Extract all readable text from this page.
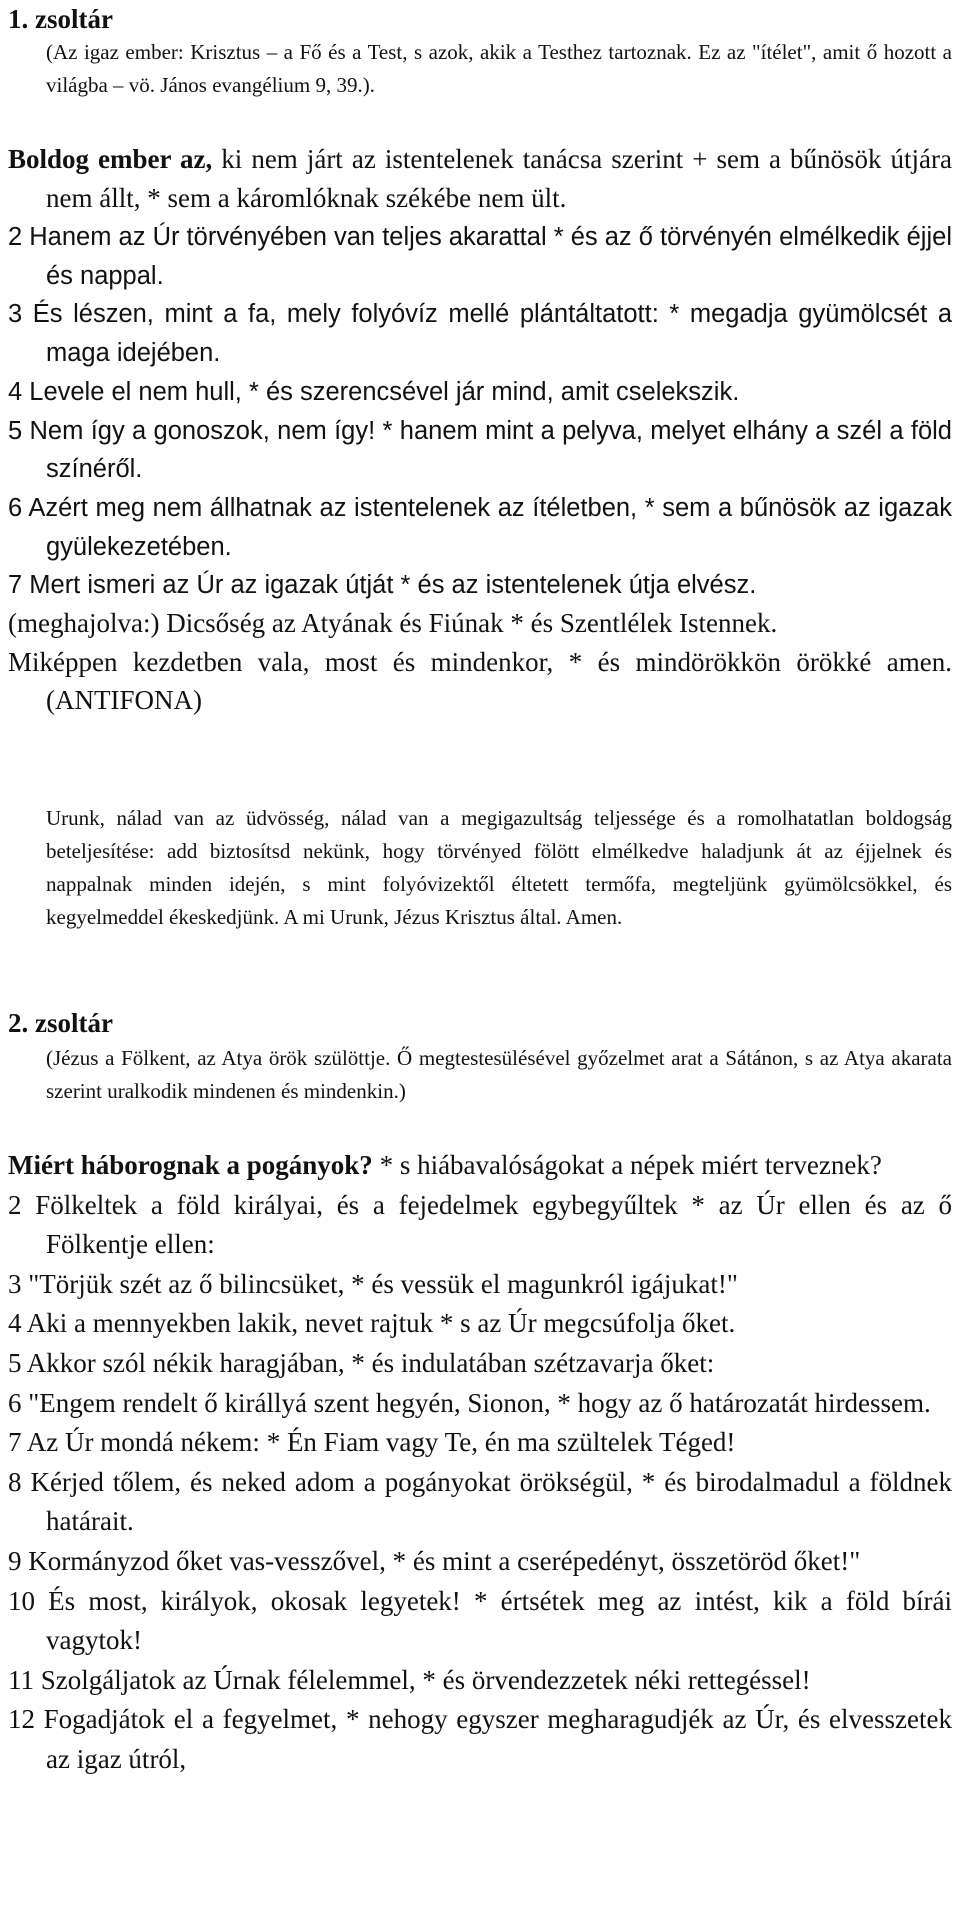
1. zsoltár
(Az igaz ember: Krisztus – a Fő és a Test, s azok, akik a Testhez tartoznak. Ez az "ítélet", amit ő hozott a világba – vö. János evangélium 9, 39.).

Boldog ember az, ki nem járt az istentelenek tanácsa szerint + sem a bűnösök útjára nem állt, * sem a káromlóknak székébe nem ült.

2 Hanem az Úr törvényében van teljes akarattal * és az ő törvényén elmélkedik éjjel és nappal.

3 És lészen, mint a fa, mely folyóvíz mellé plántáltatott: * megadja gyümölcsét a maga idejében.

4 Levele el nem hull, * és szerencsével jár mind, amit cselekszik.

5 Nem így a gonoszok, nem így! * hanem mint a pelyva, melyet elhány a szél a föld színéről.

6 Azért meg nem állhatnak az istentelenek az ítéletben, * sem a bűnösök az igazak gyülekezetében.

7 Mert ismeri az Úr az igazak útját * és az istentelenek útja elvész.

(meghajolva:) Dicsőség az Atyának és Fiúnak * és Szentlélek Istennek.

Miképpen kezdetben vala, most és mindenkor, * és mindörökkön örökké amen. (ANTIFONA)

Urunk, nálad van az üdvösség, nálad van a megigazultság teljessége és a romolhatatlan boldogság beteljesítése: add biztosítsd nekünk, hogy törvényed fölött elmélkedve haladjunk át az éjjelnek és nappalnak minden idején, s mint folyóvizektől éltetett termőfa, megteljünk gyümölcsökkel, és kegyelmeddel ékeskedjünk. A mi Urunk, Jézus Krisztus által. Amen.
2. zsoltár
(Jézus a Fölkent, az Atya örök szülöttje. Ő megtestesülésével győzelmet arat a Sátánon, s az Atya akarata szerint uralkodik mindenen és mindenkin.)

Miért háborognak a pogányok? * s hiábavalóságokat a népek miért terveznek?

2 Fölkeltek a föld királyai, és a fejedelmek egybegyűltek * az Úr ellen és az ő Fölkentje ellen:

3 "Törjük szét az ő bilincsüket, * és vessük el magunkról igájukat!"

4 Aki a mennyekben lakik, nevet rajtuk * s az Úr megcsúfolja őket.

5 Akkor szól nékik haragjában, * és indulatában szétzavarja őket:

6 "Engem rendelt ő királlyá szent hegyén, Sionon, * hogy az ő határozatát hirdessem.

7 Az Úr mondá nékem: * Én Fiam vagy Te, én ma szültelek Téged!

8 Kérjed tőlem, és neked adom a pogányokat örökségül, * és birodalmadul a földnek határait.

9 Kormányzod őket vas-vesszővel, * és mint a cserépedényt, összetöröd őket!"

10 És most, királyok, okosak legyetek! * értsétek meg az intést, kik a föld bírái vagytok!

11 Szolgáljatok az Úrnak félelemmel, * és örvendezzetek néki rettegéssel!

12 Fogadjátok el a fegyelmet, * nehogy egyszer megharagudjék az Úr, és elvesszetek az igaz útról,
